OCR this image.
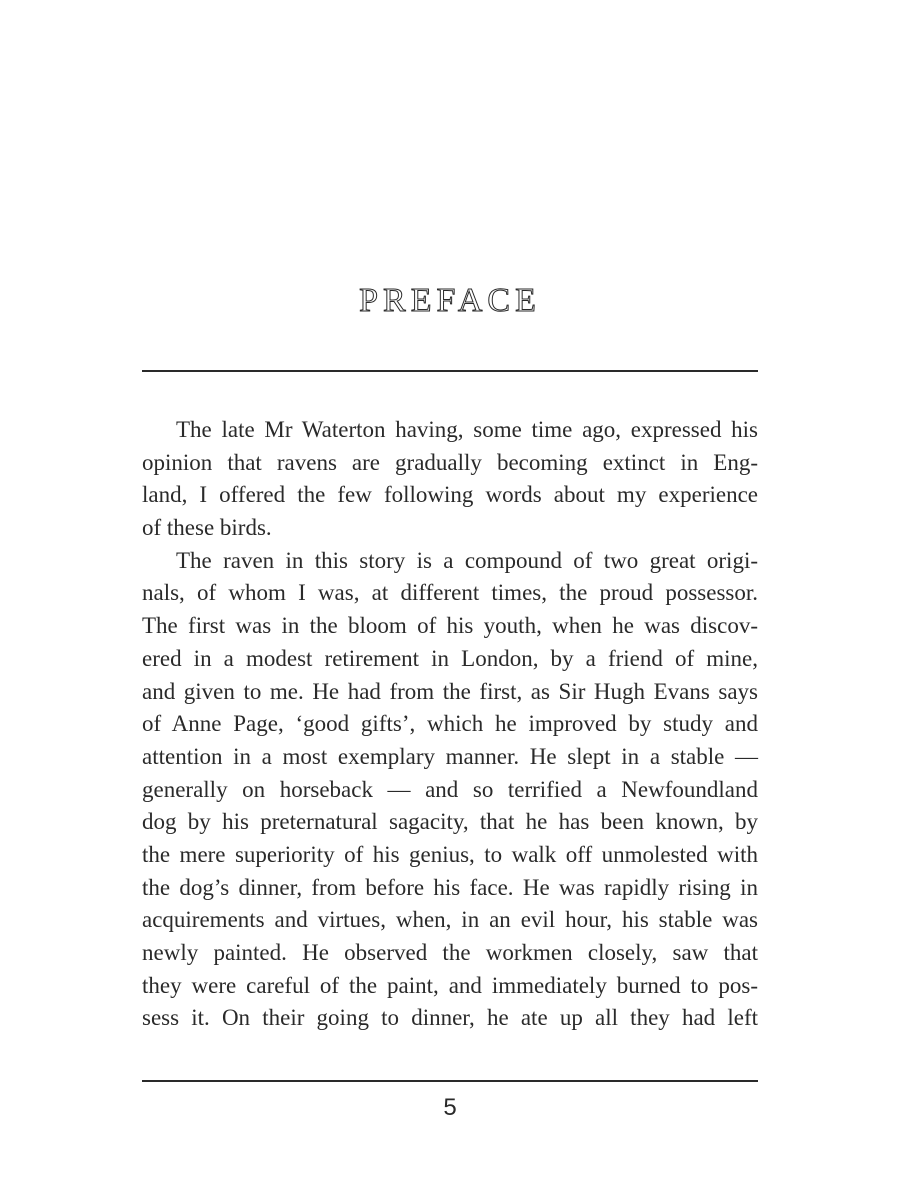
PREFACE
The late Mr Waterton having, some time ago, expressed his
opinion that ravens are gradually becoming extinct in Eng-
land, I offered the few following words about my experience
of these birds.
The raven in this story is a compound of two great origi-
nals, of whom I was, at different times, the proud possessor.
The first was in the bloom of his youth, when he was discov-
ered in a modest retirement in London, by a friend of mine,
and given to me. He had from the first, as Sir Hugh Evans says
of Anne Page, ‘good gifts’, which he improved by study and
attention in a most exemplary manner. He slept in a stable —
generally on horseback — and so terrified a Newfoundland
dog by his preternatural sagacity, that he has been known, by
the mere superiority of his genius, to walk off unmolested with
the dog’s dinner, from before his face. He was rapidly rising in
acquirements and virtues, when, in an evil hour, his stable was
newly painted. He observed the workmen closely, saw that
they were careful of the paint, and immediately burned to pos-
sess it. On their going to dinner, he ate up all they had left
5
